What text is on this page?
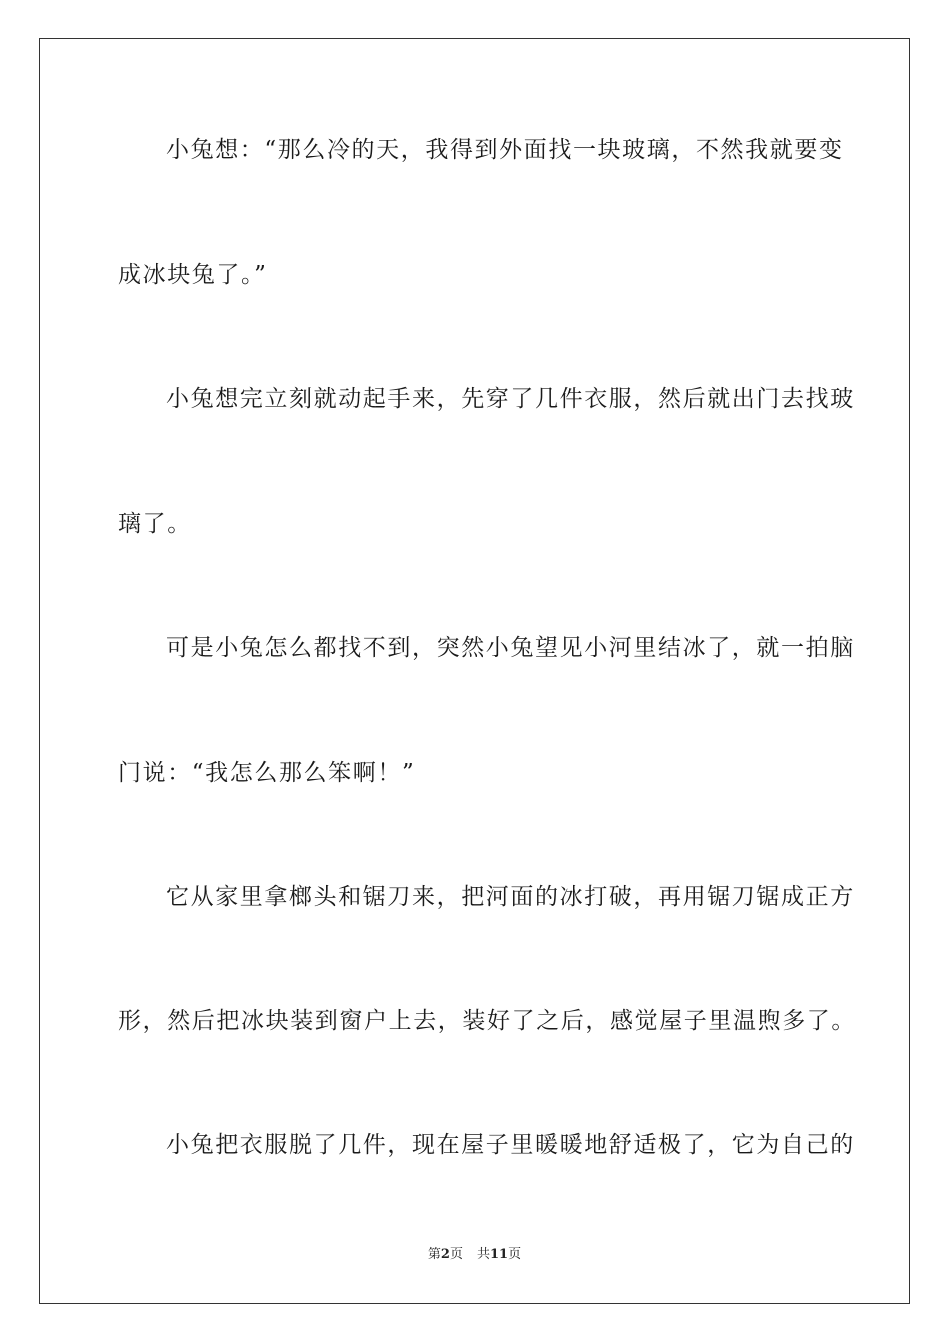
小兔想：“那么冷的天，我得到外面找一块玻璃，不然我就要变
成冰块兔了。”
小兔想完立刻就动起手来，先穿了几件衣服，然后就出门去找玻
璃了。
可是小兔怎么都找不到，突然小兔望见小河里结冰了，就一拍脑
门说：“我怎么那么笨啊！”
它从家里拿榔头和锯刀来，把河面的冰打破，再用锯刀锯成正方
形，然后把冰块装到窗户上去，装好了之后，感觉屋子里温煦多了。
小兔把衣服脱了几件，现在屋子里暖暖地舒适极了，它为自己的
第2页 共11页
